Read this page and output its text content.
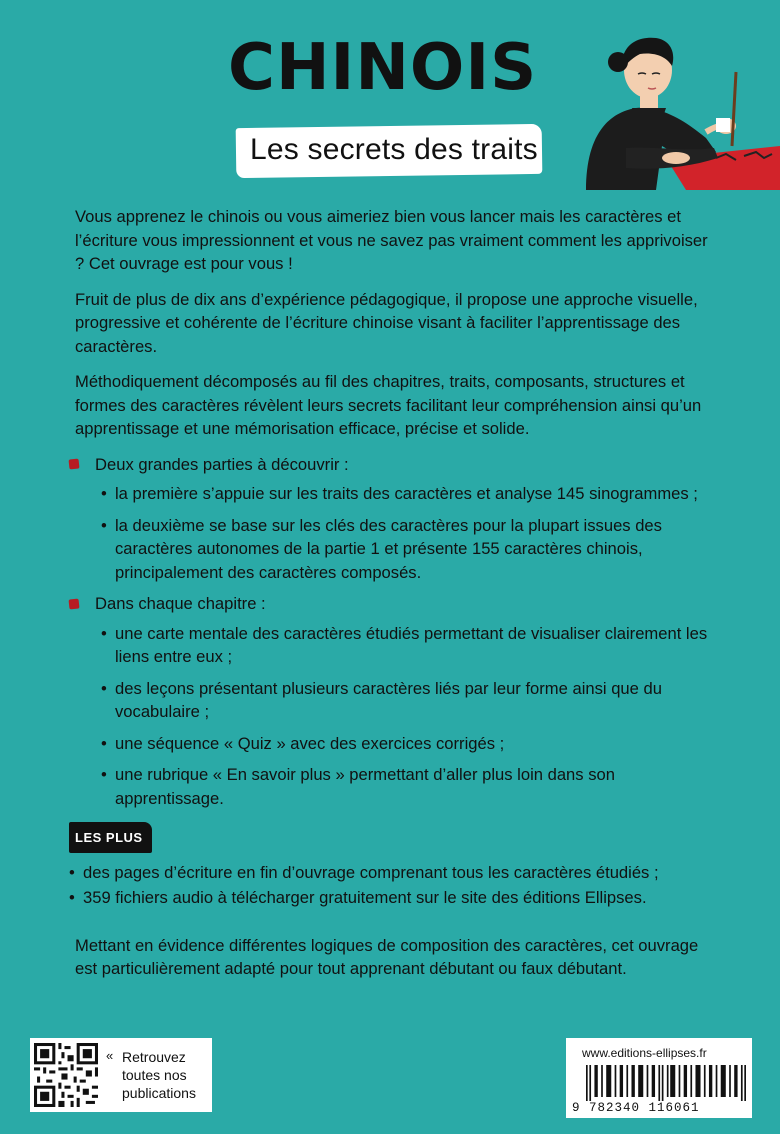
CHINOIS
Les secrets des traits

Vous apprenez le chinois ou vous aimeriez bien vous lancer mais les caractères et l’écriture vous impressionnent et vous ne savez pas vraiment comment les apprivoiser ? Cet ouvrage est pour vous !

Fruit de plus de dix ans d’expérience pédagogique, il propose une approche visuelle, progressive et cohérente de l’écriture chinoise visant à faciliter l’apprentissage des caractères.

Méthodiquement décomposés au fil des chapitres, traits, composants, structures et formes des caractères révèlent leurs secrets facilitant leur compréhension ainsi qu’un apprentissage et une mémorisation efficace, précise et solide.

Deux grandes parties à découvrir :
• la première s’appuie sur les traits des caractères et analyse 145 sinogrammes ;
• la deuxième se base sur les clés des caractères pour la plupart issues des caractères autonomes de la partie 1 et présente 155 caractères chinois, principalement des caractères composés.
Dans chaque chapitre :
• une carte mentale des caractères étudiés permettant de visualiser clairement les liens entre eux ;
• des leçons présentant plusieurs caractères liés par leur forme ainsi que du vocabulaire ;
• une séquence « Quiz » avec des exercices corrigés ;
• une rubrique « En savoir plus » permettant d’aller plus loin dans son apprentissage.
LES PLUS
• des pages d’écriture en fin d’ouvrage comprenant tous les caractères étudiés ;
• 359 fichiers audio à télécharger gratuitement sur le site des éditions Ellipses.

Mettant en évidence différentes logiques de composition des caractères, cet ouvrage est particulièrement adapté pour tout apprenant débutant ou faux débutant.

« Retrouvez
toutes nos
publications
www.editions-ellipses.fr
9 782340 116061
